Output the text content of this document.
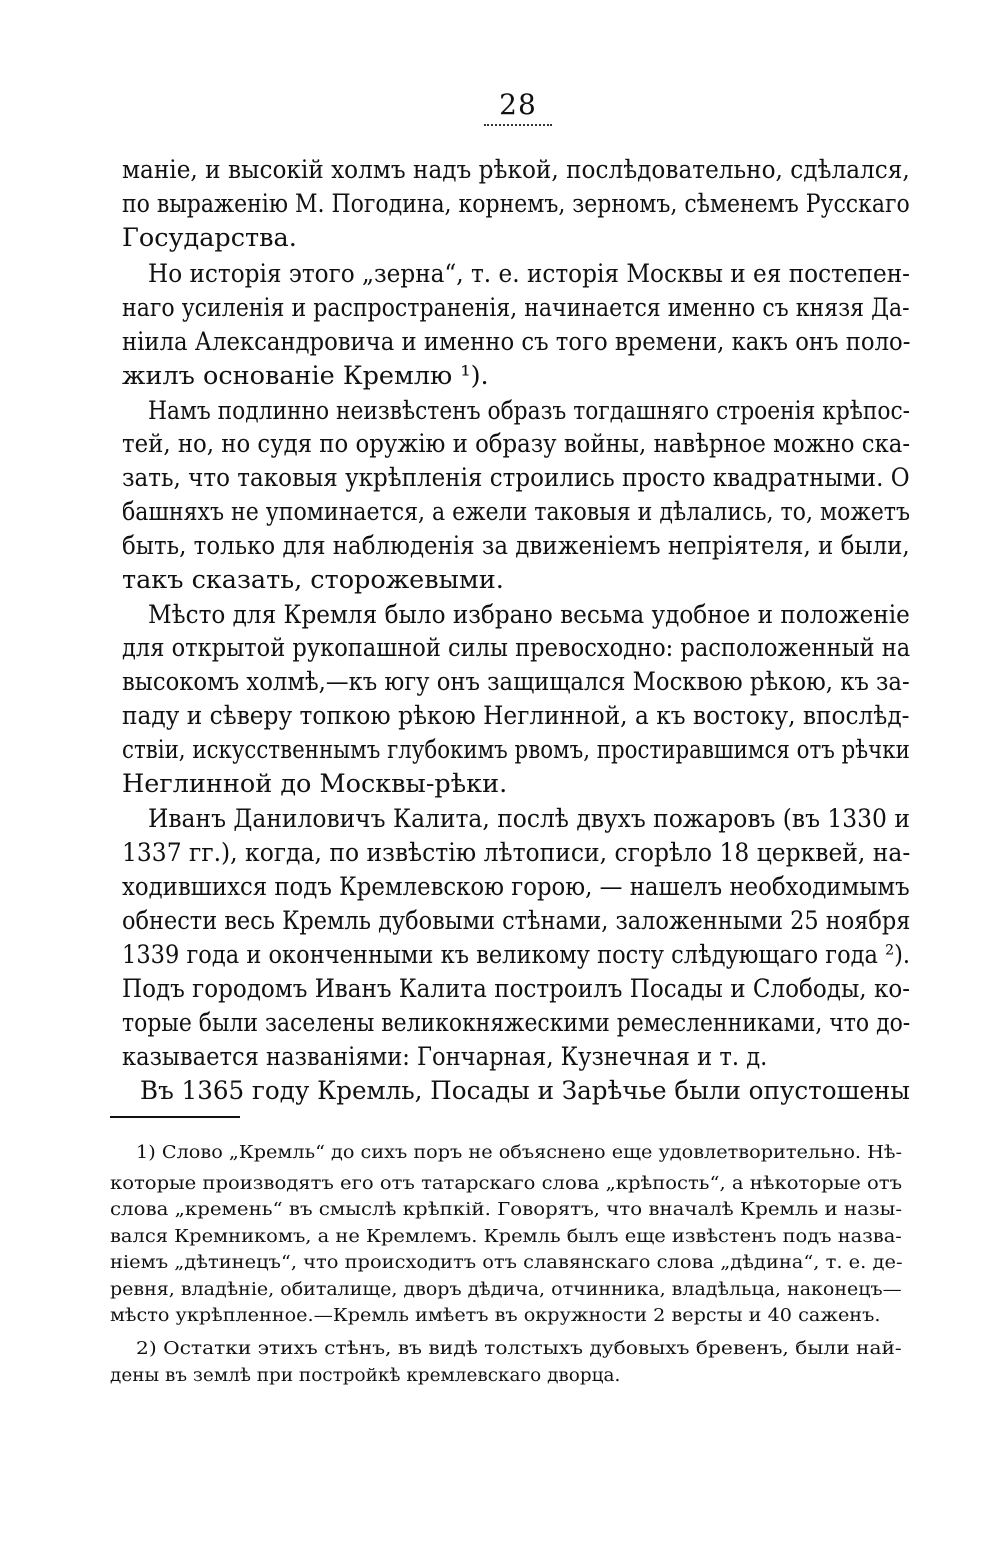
28
маніе, и высокій холмъ надъ рѣкой, послѣдовательно, сдѣлался,
по выраженію М. Погодина, корнемъ, зерномъ, сѣменемъ Русскаго
Государства.
Но исторія этого „зерна“, т. е. исторія Москвы и ея постепен-
наго усиленія и распространенія, начинается именно съ князя Да-
ніила Александровича и именно съ того времени, какъ онъ поло-
жилъ основаніе Кремлю ¹).
Намъ подлинно неизвѣстенъ образъ тогдашняго строенія крѣпос-
тей, но, но судя по оружію и образу войны, навѣрное можно ска-
зать, что таковыя укрѣпленія строились просто квадратными. О
башняхъ не упоминается, а ежели таковыя и дѣлались, то, можетъ
быть, только для наблюденія за движеніемъ непріятеля, и были,
такъ сказать, сторожевыми.
Мѣсто для Кремля было избрано весьма удобное и положеніе
для открытой рукопашной силы превосходно: расположенный на
высокомъ холмѣ,—къ югу онъ защищался Москвою рѣкою, къ за-
паду и сѣверу топкою рѣкою Неглинной, а къ востоку, впослѣд-
ствіи, искусственнымъ глубокимъ рвомъ, простиравшимся отъ рѣчки
Неглинной до Москвы-рѣки.
Иванъ Даниловичъ Калита, послѣ двухъ пожаровъ (въ 1330 и
1337 гг.), когда, по извѣстію лѣтописи, сгорѣло 18 церквей, на-
ходившихся подъ Кремлевскою горою, — нашелъ необходимымъ
обнести весь Кремль дубовыми стѣнами, заложенными 25 ноября
1339 года и оконченными къ великому посту слѣдующаго года ²).
Подъ городомъ Иванъ Калита построилъ Посады и Слободы, ко-
торые были заселены великокняжескими ремесленниками, что до-
казывается названіями: Гончарная, Кузнечная и т. д.
Въ 1365 году Кремль, Посады и Зарѣчье были опустошены
1) Слово „Кремль“ до сихъ поръ не объяснено еще удовлетворительно. Нѣ-
которые производятъ его отъ татарскаго слова „крѣпость“, а нѣкоторые отъ
слова „кремень“ въ смыслѣ крѣпкій. Говорятъ, что вначалѣ Кремль и назы-
вался Кремникомъ, а не Кремлемъ. Кремль былъ еще извѣстенъ подъ назва-
ніемъ „дѣтинецъ“, что происходитъ отъ славянскаго слова „дѣдина“, т. е. де-
ревня, владѣніе, обиталище, дворъ дѣдича, отчинника, владѣльца, наконецъ—
мѣсто укрѣпленное.—Кремль имѣетъ въ окружности 2 версты и 40 саженъ.
2) Остатки этихъ стѣнъ, въ видѣ толстыхъ дубовыхъ бревенъ, были най-
дены въ землѣ при постройкѣ кремлевскаго дворца.
